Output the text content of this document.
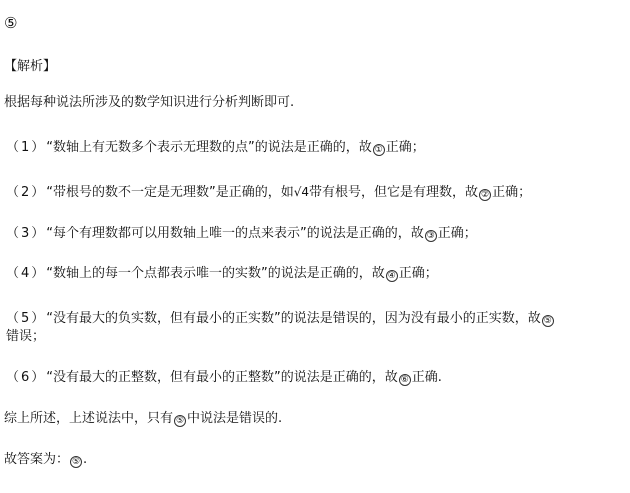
⑤
【解析】
根据每种说法所涉及的数学知识进行分析判断即可.
（1）“数轴上有无数多个表示无理数的点”的说法是正确的，故 ① 正确；
（2）“带根号的数不一定是无理数”是正确的，如√4带有根号，但它是有理数，故 ② 正确；
（3）“每个有理数都可以用数轴上唯一的点来表示”的说法是正确的，故 ③ 正确；
（4）“数轴上的每一个点都表示唯一的实数”的说法是正确的，故 ④ 正确；
（5）“没有最大的负实数，但有最小的正实数”的说法是错误的，因为没有最小的正实数，故 ⑤
错误；
（6）“没有最大的正整数，但有最小的正整数”的说法是正确的，故 ⑥ 正确.
综上所述，上述说法中，只有 ⑤ 中说法是错误的.
故答案为： ⑤ .
